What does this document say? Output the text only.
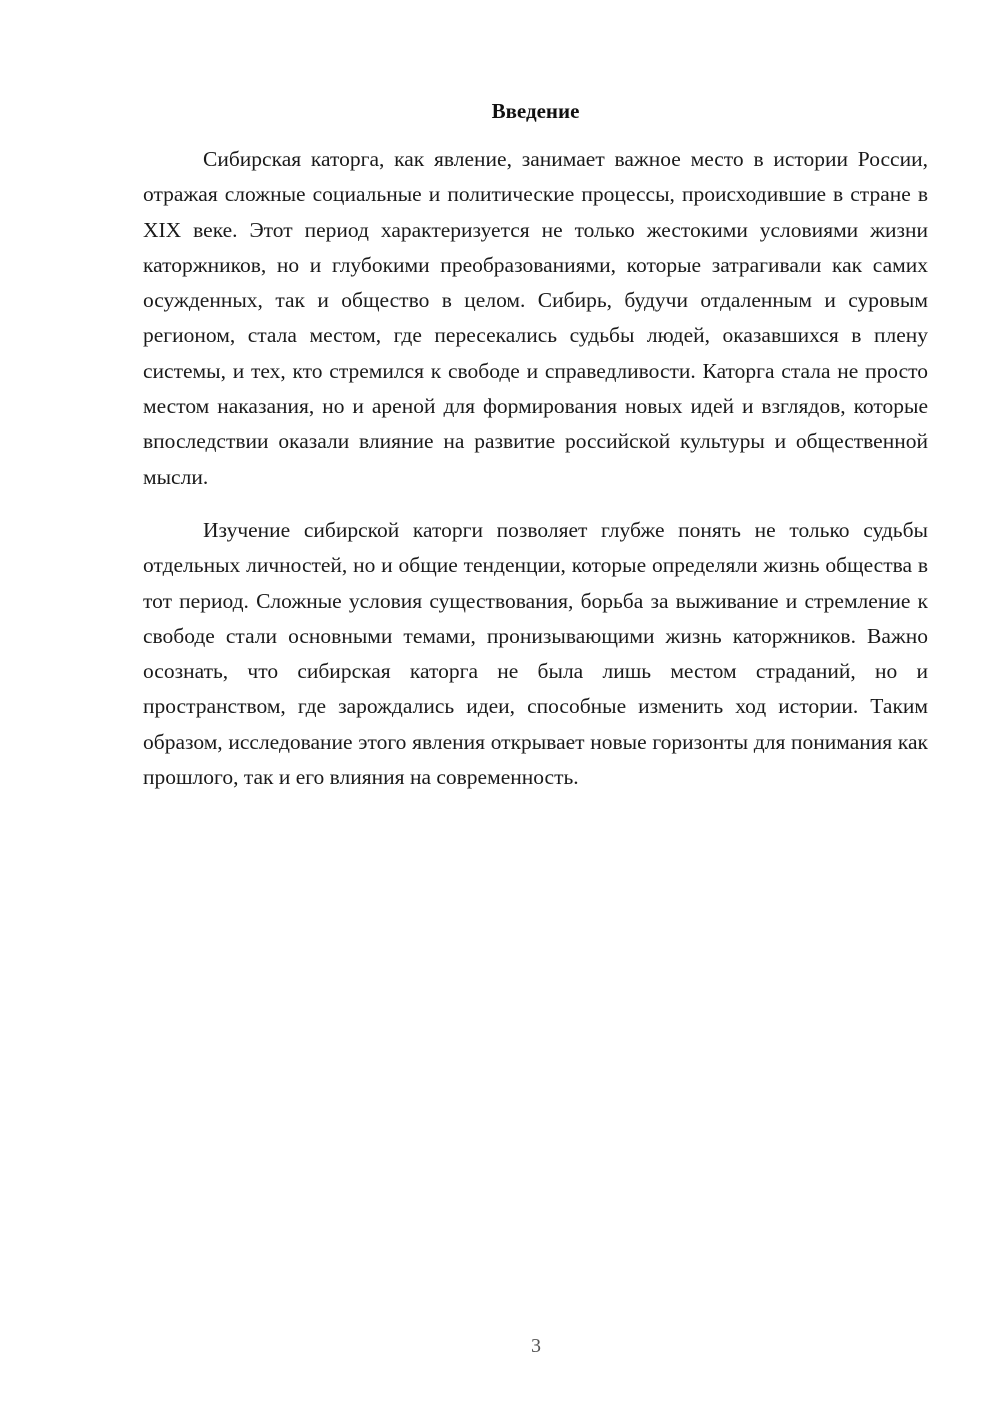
Введение

Сибирская каторга, как явление, занимает важное место в истории России, отражая сложные социальные и политические процессы, происходившие в стране в XIX веке. Этот период характеризуется не только жестокими условиями жизни каторжников, но и глубокими преобразованиями, которые затрагивали как самих осужденных, так и общество в целом. Сибирь, будучи отдаленным и суровым регионом, стала местом, где пересекались судьбы людей, оказавшихся в плену системы, и тех, кто стремился к свободе и справедливости. Каторга стала не просто местом наказания, но и ареной для формирования новых идей и взглядов, которые впоследствии оказали влияние на развитие российской культуры и общественной мысли.

Изучение сибирской каторги позволяет глубже понять не только судьбы отдельных личностей, но и общие тенденции, которые определяли жизнь общества в тот период. Сложные условия существования, борьба за выживание и стремление к свободе стали основными темами, пронизывающими жизнь каторжников. Важно осознать, что сибирская каторга не была лишь местом страданий, но и пространством, где зарождались идеи, способные изменить ход истории. Таким образом, исследование этого явления открывает новые горизонты для понимания как прошлого, так и его влияния на современность.

3
